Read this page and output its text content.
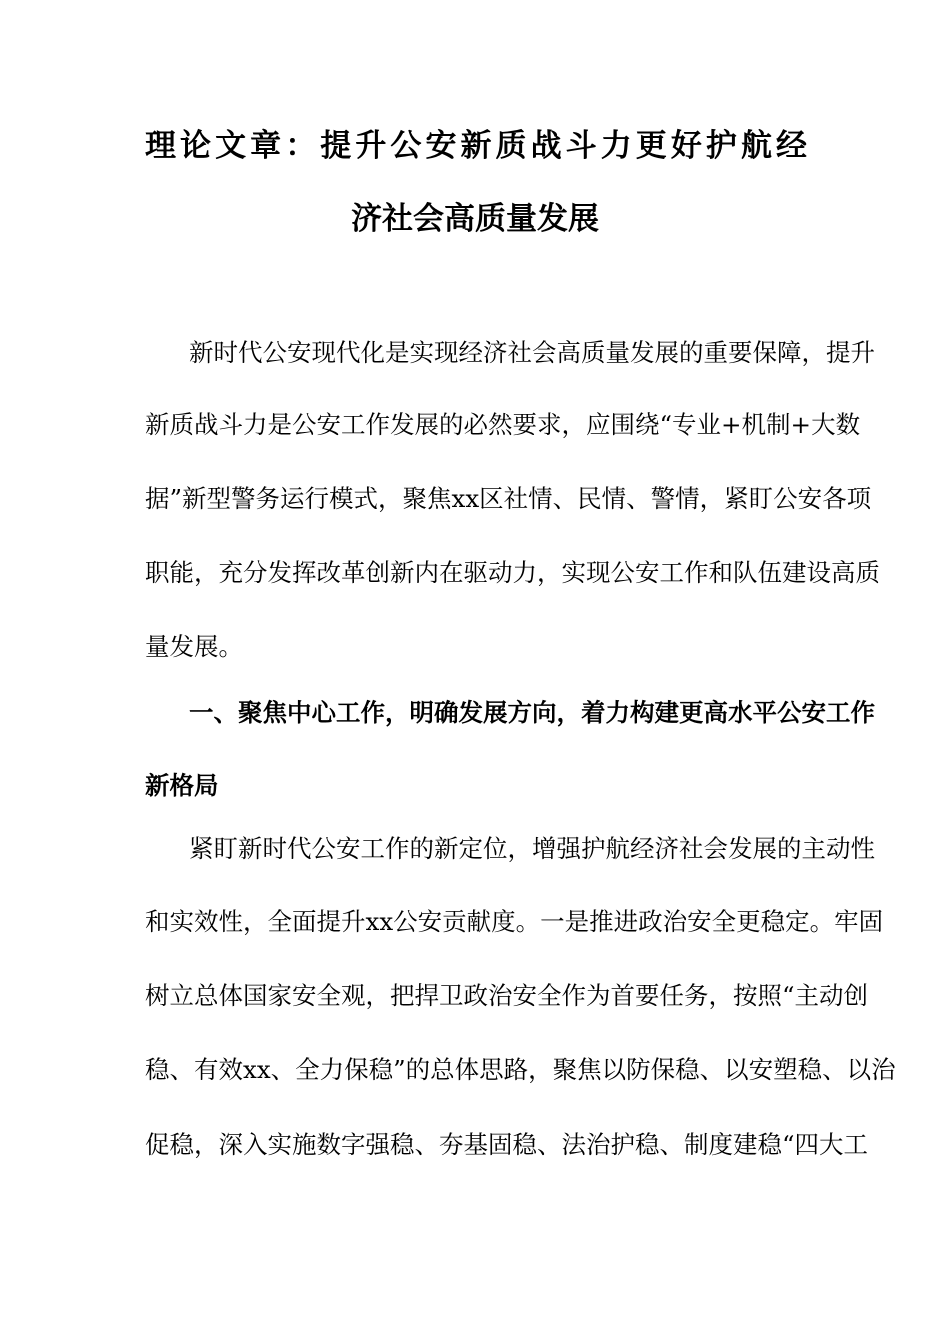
理论文章：提升公安新质战斗力更好护航经
济社会高质量发展
新时代公安现代化是实现经济社会高质量发展的重要保障，提升
新质战斗力是公安工作发展的必然要求，应围绕“专业+机制+大数
据”新型警务运行模式，聚焦xx区社情、民情、警情，紧盯公安各项
职能，充分发挥改革创新内在驱动力，实现公安工作和队伍建设高质
量发展。
一、聚焦中心工作，明确发展方向，着力构建更高水平公安工作
新格局
紧盯新时代公安工作的新定位，增强护航经济社会发展的主动性
和实效性，全面提升xx公安贡献度。一是推进政治安全更稳定。牢固
树立总体国家安全观，把捍卫政治安全作为首要任务，按照“主动创
稳、有效xx、全力保稳”的总体思路，聚焦以防保稳、以安塑稳、以治
促稳，深入实施数字强稳、夯基固稳、法治护稳、制度建稳“四大工
